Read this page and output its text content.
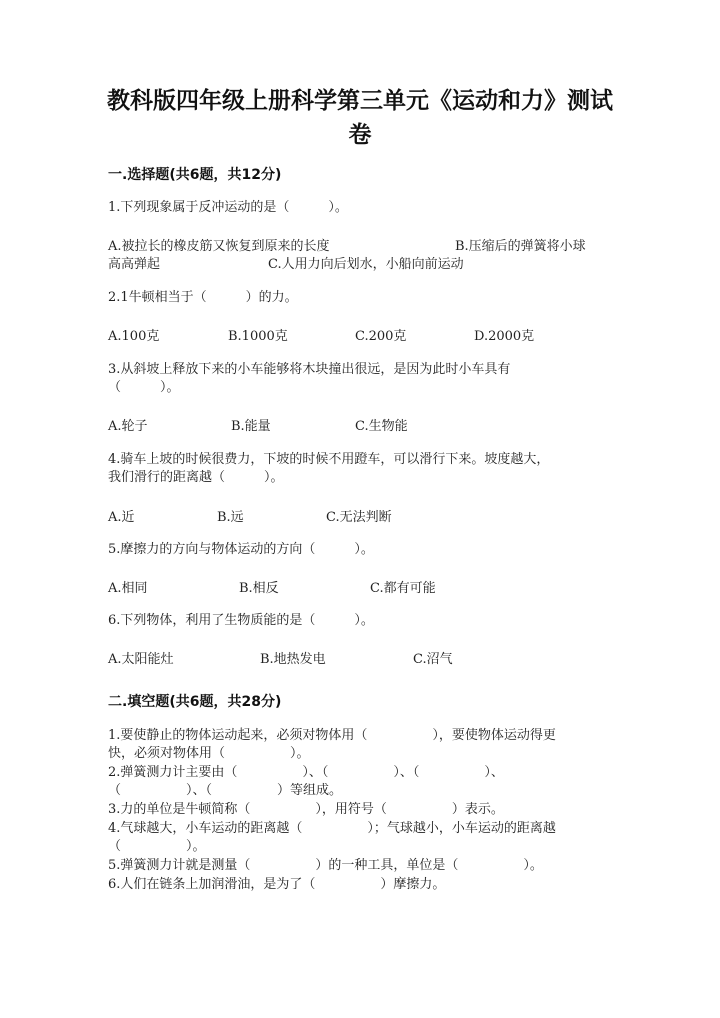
教科版四年级上册科学第三单元《运动和力》测试
卷
一.选择题(共6题，共12分)
1.下列现象属于反冲运动的是（　　　）。
A.被拉长的橡皮筋又恢复到原来的长度	B.压缩后的弹簧将小球
高高弹起	C.人用力向后划水，小船向前运动
2.1牛顿相当于（　　　）的力。
A.100克	B.1000克	C.200克	D.2000克
3.从斜坡上释放下来的小车能够将木块撞出很远，是因为此时小车具有
（　　　）。
A.轮子	B.能量	C.生物能
4.骑车上坡的时候很费力，下坡的时候不用蹬车，可以滑行下来。坡度越大，
我们滑行的距离越（　　　）。
A.近	B.远	C.无法判断
5.摩擦力的方向与物体运动的方向（　　　）。
A.相同	B.相反	C.都有可能
6.下列物体，利用了生物质能的是（　　　）。
A.太阳能灶	B.地热发电	C.沼气
二.填空题(共6题，共28分)
1.要使静止的物体运动起来，必须对物体用（　　　　　），要使物体运动得更
快，必须对物体用（　　　　　）。
2.弹簧测力计主要由（　　　　　）、（　　　　　）、（　　　　　）、
（　　　　　）、（　　　　　）等组成。
3.力的单位是牛顿简称（　　　　　），用符号（　　　　　）表示。
4.气球越大，小车运动的距离越（　　　　　）；气球越小，小车运动的距离越
（　　　　　）。
5.弹簧测力计就是测量（　　　　　）的一种工具，单位是（　　　　　）。
6.人们在链条上加润滑油，是为了（　　　　　）摩擦力。
